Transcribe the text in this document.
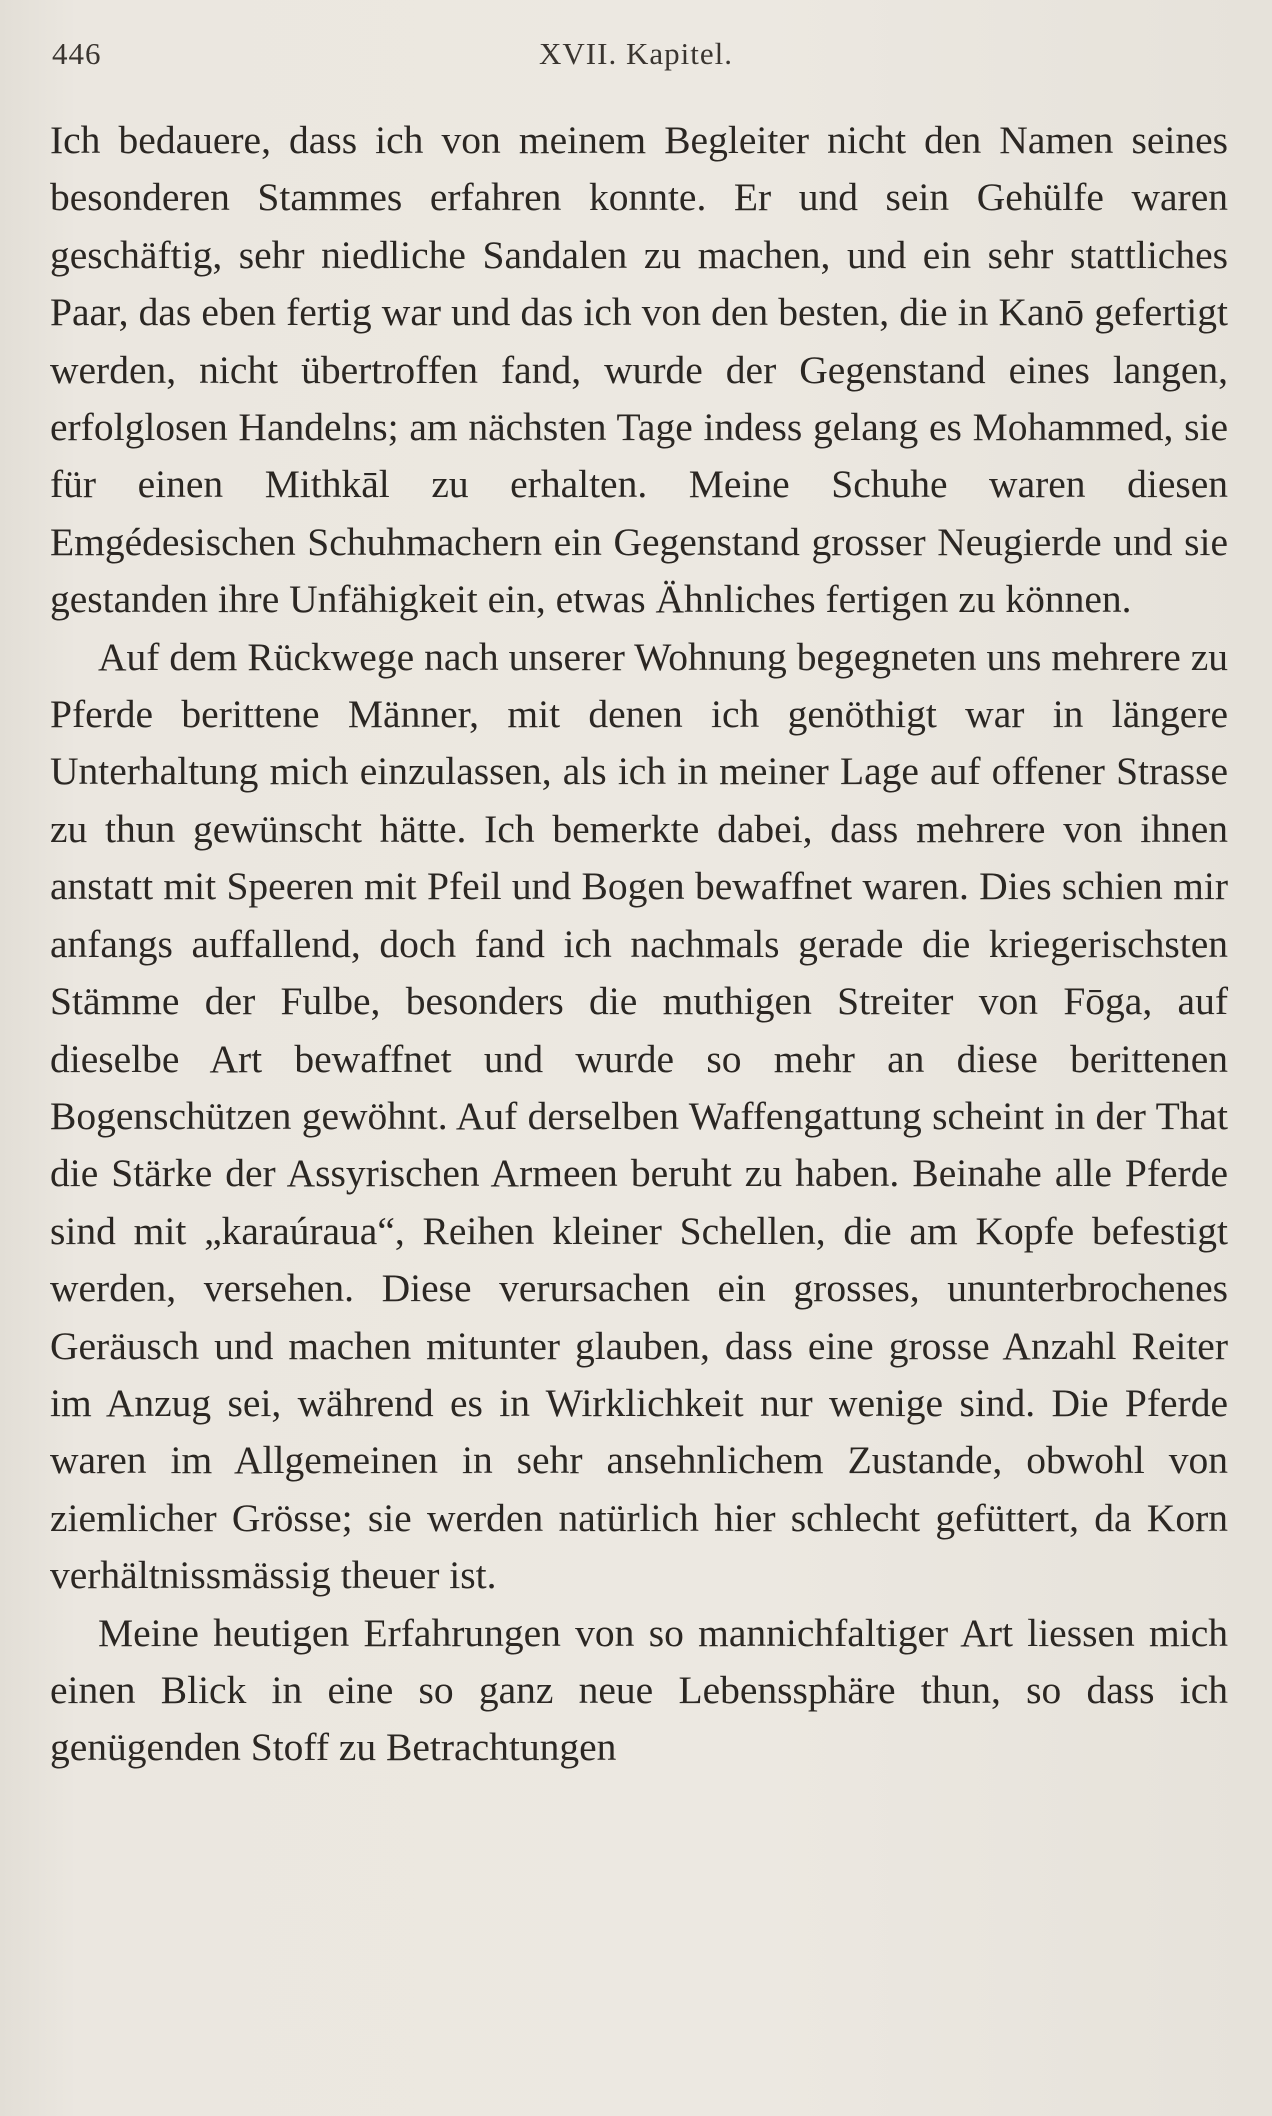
446	XVII. Kapitel.

Ich bedauere, dass ich von meinem Begleiter nicht den Namen seines besonderen Stammes erfahren konnte. Er und sein Gehülfe waren geschäftig, sehr niedliche Sandalen zu machen, und ein sehr stattliches Paar, das eben fertig war und das ich von den besten, die in Kanō gefertigt werden, nicht übertroffen fand, wurde der Gegenstand eines langen, erfolglosen Handelns; am nächsten Tage indess gelang es Mohammed, sie für einen Mithkāl zu erhalten. Meine Schuhe waren diesen Emgédesischen Schuhmachern ein Gegenstand grosser Neugierde und sie gestanden ihre Unfähigkeit ein, etwas Ähnliches fertigen zu können.

Auf dem Rückwege nach unserer Wohnung begegneten uns mehrere zu Pferde berittene Männer, mit denen ich genöthigt war in längere Unterhaltung mich einzulassen, als ich in meiner Lage auf offener Strasse zu thun gewünscht hätte. Ich bemerkte dabei, dass mehrere von ihnen anstatt mit Speeren mit Pfeil und Bogen bewaffnet waren. Dies schien mir anfangs auffallend, doch fand ich nachmals gerade die kriegerischsten Stämme der Fulbe, besonders die muthigen Streiter von Fōga, auf dieselbe Art bewaffnet und wurde so mehr an diese berittenen Bogenschützen gewöhnt. Auf derselben Waffengattung scheint in der That die Stärke der Assyrischen Armeen beruht zu haben. Beinahe alle Pferde sind mit „karaúraua“, Reihen kleiner Schellen, die am Kopfe befestigt werden, versehen. Diese verursachen ein grosses, ununterbrochenes Geräusch und machen mitunter glauben, dass eine grosse Anzahl Reiter im Anzug sei, während es in Wirklichkeit nur wenige sind. Die Pferde waren im Allgemeinen in sehr ansehnlichem Zustande, obwohl von ziemlicher Grösse; sie werden natürlich hier schlecht gefüttert, da Korn verhältnissmässig theuer ist.

Meine heutigen Erfahrungen von so mannichfaltiger Art liessen mich einen Blick in eine so ganz neue Lebenssphäre thun, so dass ich genügenden Stoff zu Betrachtungen
